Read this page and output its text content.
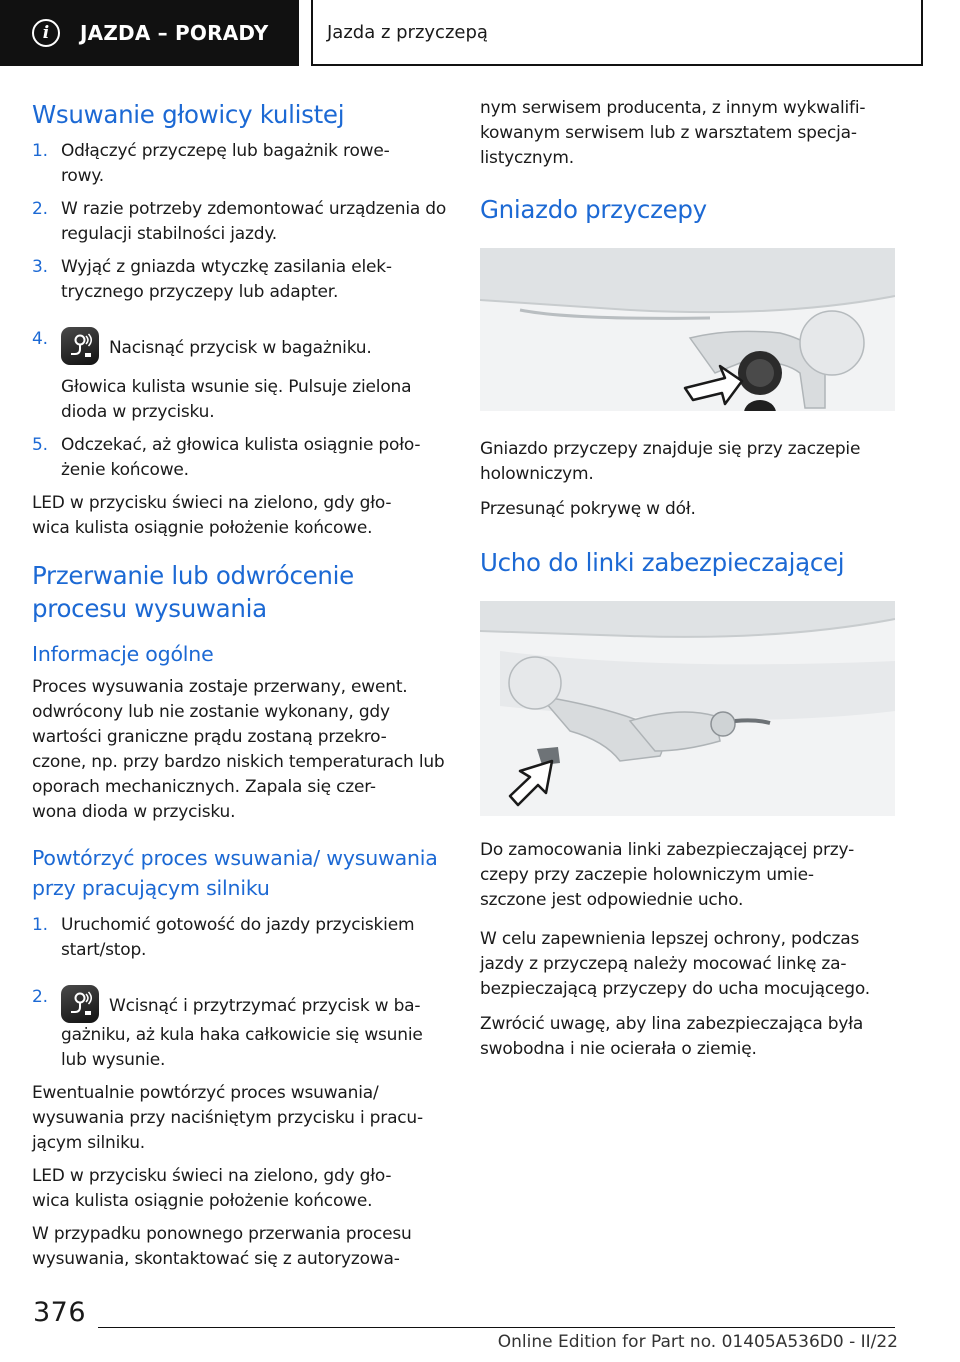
i	JAZDA – PORADY	Jazda z przyczepą
Wsuwanie głowicy kulistej
1. Odłączyć przyczepę lub bagażnik rowe-
rowy.
2. W razie potrzeby zdemontować urządzenia do regulacji stabilności jazdy.
3. Wyjąć z gniazda wtyczkę zasilania elek-
trycznego przyczepy lub adapter.
4.	Nacisnąć przycisk w bagażniku.
Głowica kulista wsunie się. Pulsuje zielona dioda w przycisku.
5. Odczekać, aż głowica kulista osiągnie poło-
żenie końcowe.
LED w przycisku świeci na zielono, gdy gło-
wica kulista osiągnie położenie końcowe.
Przerwanie lub odwrócenie procesu wysuwania
Informacje ogólne
Proces wysuwania zostaje przerwany, ewent. odwrócony lub nie zostanie wykonany, gdy wartości graniczne prądu zostaną przekro-
czone, np. przy bardzo niskich temperaturach lub oporach mechanicznych. Zapala się czer-
wona dioda w przycisku.
Powtórzyć proces wsuwania/ wysuwania przy pracującym silniku
1. Uruchomić gotowość do jazdy przyciskiem start/stop.
2.	Wcisnąć i przytrzymać przycisk w ba-
gażniku, aż kula haka całkowicie się wsunie lub wysunie.
Ewentualnie powtórzyć proces wsuwania/ wysuwania przy naciśniętym przycisku i pracu-
jącym silniku.
LED w przycisku świeci na zielono, gdy gło-
wica kulista osiągnie położenie końcowe.
W przypadku ponownego przerwania procesu wysuwania, skontaktować się z autoryzowa-
nym serwisem producenta, z innym wykwalifi-
kowanym serwisem lub z warsztatem specja-
listycznym.
Gniazdo przyczepy
Gniazdo przyczepy znajduje się przy zaczepie holowniczym.
Przesunąć pokrywę w dół.
Ucho do linki zabezpieczającej
Do zamocowania linki zabezpieczającej przy-
czepy przy zaczepie holowniczym umie-
szczone jest odpowiednie ucho.
W celu zapewnienia lepszej ochrony, podczas jazdy z przyczepą należy mocować linkę za-
bezpieczającą przyczepy do ucha mocującego.
Zwrócić uwagę, aby lina zabezpieczająca była swobodna i nie ocierała o ziemię.
376
Online Edition for Part no. 01405A536D0 - II/22
